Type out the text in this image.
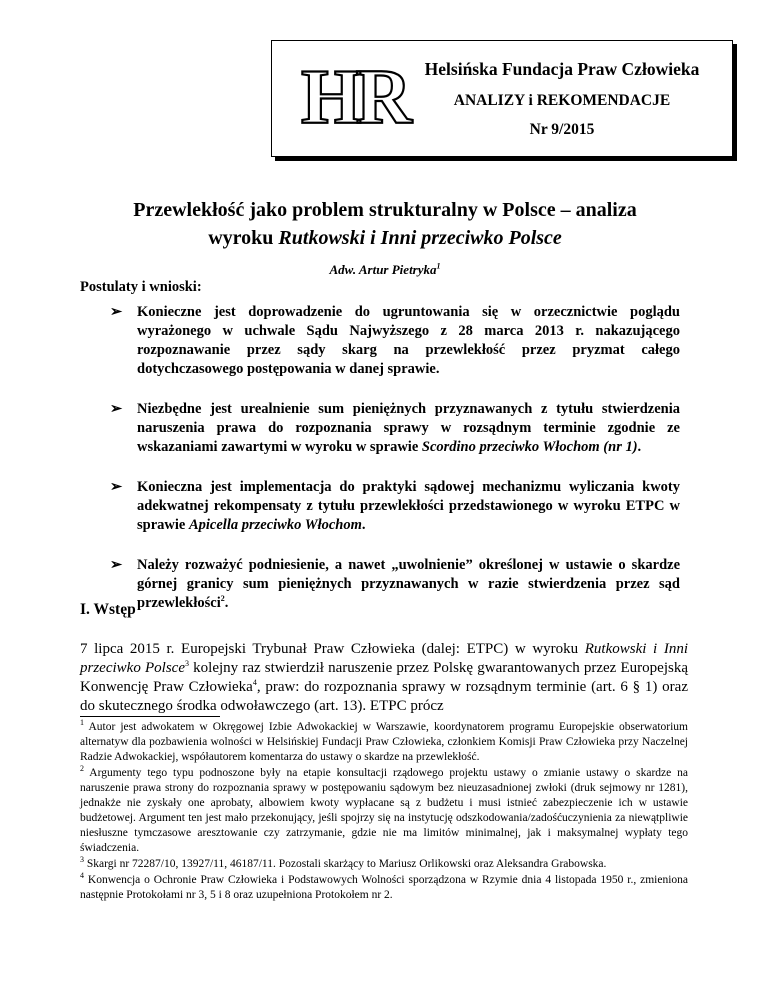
HR	Helsińska Fundacja Praw Człowieka
ANALIZY i REKOMENDACJE
Nr 9/2015
Przewlekłość jako problem strukturalny w Polsce – analiza
wyroku Rutkowski i Inni przeciwko Polsce
Adw. Artur Pietryka$^1$
Postulaty i wnioski:
➢ Konieczne jest doprowadzenie do ugruntowania się w orzecznictwie poglądu wyrażonego w uchwale Sądu Najwyższego z 28 marca 2013 r. nakazującego rozpoznawanie przez sądy skarg na przewlekłość przez pryzmat całego dotychczasowego postępowania w danej sprawie.
➢ Niezbędne jest urealnienie sum pieniężnych przyznawanych z tytułu stwierdzenia naruszenia prawa do rozpoznania sprawy w rozsądnym terminie zgodnie ze wskazaniami zawartymi w wyroku w sprawie Scordino przeciwko Włochom (nr 1).
➢ Konieczna jest implementacja do praktyki sądowej mechanizmu wyliczania kwoty adekwatnej rekompensaty z tytułu przewlekłości przedstawionego w wyroku ETPC w sprawie Apicella przeciwko Włochom.
➢ Należy rozważyć podniesienie, a nawet „uwolnienie” określonej w ustawie o skardze górnej granicy sum pieniężnych przyznawanych w razie stwierdzenia przez sąd przewlekłości$^2$.
I. Wstęp

7 lipca 2015 r. Europejski Trybunał Praw Człowieka (dalej: ETPC) w wyroku Rutkowski i Inni przeciwko Polsce$^3$ kolejny raz stwierdził naruszenie przez Polskę gwarantowanych przez Europejską Konwencję Praw Człowieka$^4$, praw: do rozpoznania sprawy w rozsądnym terminie (art. 6 § 1) oraz do skutecznego środka odwoławczego (art. 13). ETPC prócz

$^1$ Autor jest adwokatem w Okręgowej Izbie Adwokackiej w Warszawie, koordynatorem programu Europejskie obserwatorium alternatyw dla pozbawienia wolności w Helsińskiej Fundacji Praw Człowieka, członkiem Komisji Praw Człowieka przy Naczelnej Radzie Adwokackiej, współautorem komentarza do ustawy o skardze na przewlekłość.

$^2$ Argumenty tego typu podnoszone były na etapie konsultacji rządowego projektu ustawy o zmianie ustawy o skardze na naruszenie prawa strony do rozpoznania sprawy w postępowaniu sądowym bez nieuzasadnionej zwłoki (druk sejmowy nr 1281), jednakże nie zyskały one aprobaty, albowiem kwoty wypłacane są z budżetu i musi istnieć zabezpieczenie ich w ustawie budżetowej. Argument ten jest mało przekonujący, jeśli spojrzy się na instytucję odszkodowania/zadośćuczynienia za niewątpliwie niesłuszne tymczasowe aresztowanie czy zatrzymanie, gdzie nie ma limitów minimalnej, jak i maksymalnej wypłaty tego świadczenia.

$^3$ Skargi nr 72287/10, 13927/11, 46187/11. Pozostali skarżący to Mariusz Orlikowski oraz Aleksandra Grabowska.

$^4$ Konwencja o Ochronie Praw Człowieka i Podstawowych Wolności sporządzona w Rzymie dnia 4 listopada 1950 r., zmieniona następnie Protokołami nr 3, 5 i 8 oraz uzupełniona Protokołem nr 2.
